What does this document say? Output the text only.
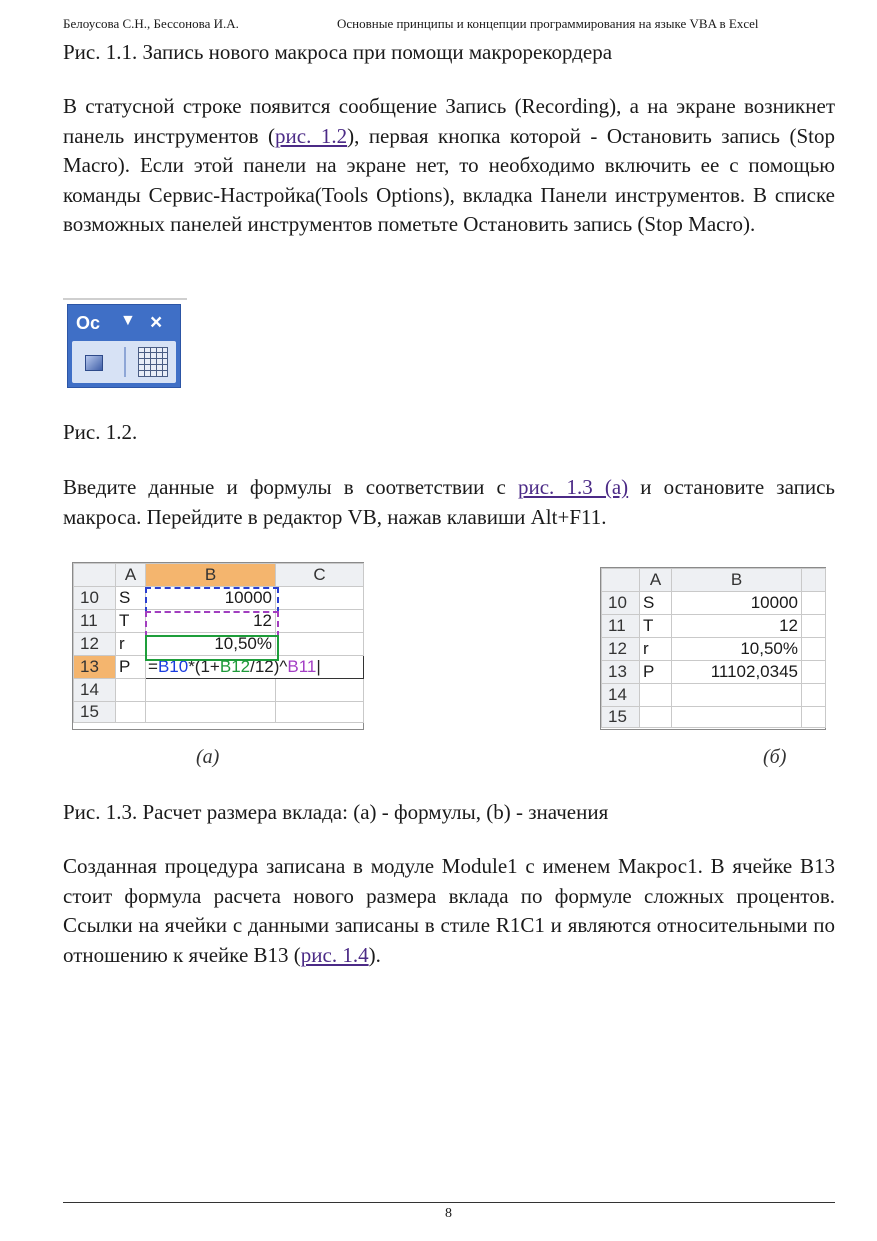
Белоусова С.Н., Бессонова И.А.	Основные принципы и концепции программирования на языке VBA в Excel
Рис. 1.1. Запись нового макроса при помощи макрорекордера
В статусной строке появится сообщение Запись (Recording), а на экране возникнет панель инструментов (рис. 1.2), первая кнопка которой - Остановить запись (Stop Macro). Если этой панели на экране нет, то необходимо включить ее с помощью команды Сервис-Настройка(Tools Options), вкладка Панели инструментов. В списке возможных панелей инструментов пометьте Остановить запись (Stop Macro).
Ос ▼ ×
Рис. 1.2.
Введите данные и формулы в соответствии с рис. 1.3 (а) и остановите запись макроса. Перейдите в редактор VB, нажав клавиши Alt+F11.
	A	B	C
10	S	10000	
11	T	12	
12	r	10,50%	
13	P	=B10*(1+B12/12)^B11|	
14			
15			
(а)
	A	B	
10	S	10000	
11	T	12	
12	r	10,50%	
13	P	11102,0345	
14			
15			
(б)
Рис. 1.3. Расчет размера вклада: (а) - формулы, (b) - значения
Созданная процедура записана в модуле Module1 с именем Макрос1. В ячейке B13 стоит формула расчета нового размера вклада по формуле сложных процентов. Ссылки на ячейки с данными записаны в стиле R1C1 и являются относительными по отношению к ячейке B13 (рис. 1.4).
8
